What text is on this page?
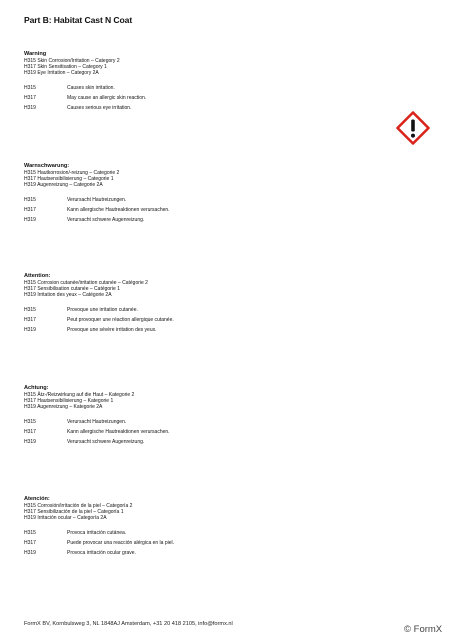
Part B: Habitat Cast N Coat
Warning
H315 Skin Corrosion/Irritation – Category 2
H317 Skin Sensitisation – Category 1
H319 Eye Irritation – Category 2A
H315	Causes skin irritation.
H317	May cause an allergic skin reaction.
H319	Causes serious eye irritation.
Warnschwarung:
H315 Hautkorrosion/-reizung – Categorie 2
H317 Hautsensibilisierung – Categorie 1
H319 Augenreizung – Categorie 2A
H315	Verursacht Hautreizungen.
H317	Kann allergische Hautreaktionen verursachen.
H319	Verursacht schwere Augenreizung.
Attention:
H315 Corrosion cutanée/irritation cutanée – Catégorie 2
H317 Sensibilisation cutanée – Catégorie 1
H319 Irritation des yeux – Catégorie 2A
H315	Provoque une irritation cutanée.
H317	Peut provoquer une réaction allergique cutanée.
H319	Provoque une sévère irritation des yeux.
Achtung:
H315 Ätz-/Reizwirkung auf die Haut – Kategorie 2
H317 Hautsensibilisierung – Kategorie 1
H319 Augenreizung – Kategorie 2A
H315	Verursacht Hautreizungen.
H317	Kann allergische Hautreaktionen verursachen.
H319	Verursacht schwere Augenreizung.
Atención:
H315 Corrosión/irritación de la piel – Categoría 2
H317 Sensibilización de la piel – Categoría 1
H319 Irritación ocular – Categoría 2A
H315	Provoca irritación cutánea.
H317	Puede provocar una reacción alérgica en la piel.
H319	Provoca irritación ocular grave.
FormX BV, Kornbulsweg 3, NL 1848AJ Amsterdam, +31 20 418 2105, info@formx.nl	© FormX
